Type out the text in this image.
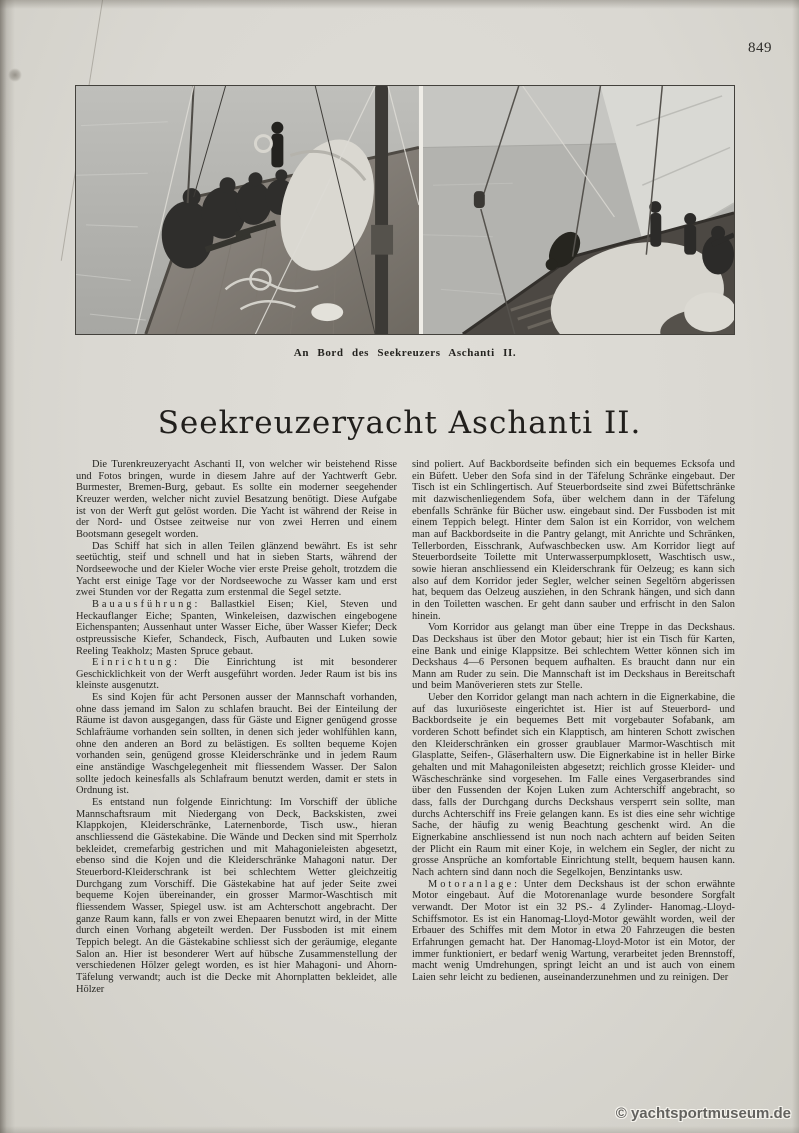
849
An Bord des Seekreuzers Aschanti II.
Seekreuzeryacht Aschanti II.

Die Turenkreuzeryacht Aschanti II, von welcher wir beistehend Risse und Fotos bringen, wurde in diesem Jahre auf der Yachtwerft Gebr. Burmester, Bremen-Burg, gebaut. Es sollte ein moderner seegehender Kreuzer werden, welcher nicht zuviel Besatzung benötigt. Diese Aufgabe ist von der Werft gut gelöst worden. Die Yacht ist während der Reise in der Nord- und Ostsee zeitweise nur von zwei Herren und einem Bootsmann gesegelt worden.

Das Schiff hat sich in allen Teilen glänzend bewährt. Es ist sehr seetüchtig, steif und schnell und hat in sieben Starts, während der Nordseewoche und der Kieler Woche vier erste Preise geholt, trotzdem die Yacht erst einige Tage vor der Nordseewoche zu Wasser kam und erst zwei Stunden vor der Regatta zum erstenmal die Segel setzte.

Bauausführung: Ballastkiel Eisen; Kiel, Steven und Heckauflanger Eiche; Spanten, Winkeleisen, dazwischen eingebogene Eichenspanten; Aussenhaut unter Wasser Eiche, über Wasser Kiefer; Deck ostpreussische Kiefer, Schandeck, Fisch, Aufbauten und Luken sowie Reeling Teakholz; Masten Spruce gebaut.

Einrichtung: Die Einrichtung ist mit besonderer Geschicklichkeit von der Werft ausgeführt worden. Jeder Raum ist bis ins kleinste ausgenutzt.

Es sind Kojen für acht Personen ausser der Mannschaft vorhanden, ohne dass jemand im Salon zu schlafen braucht. Bei der Einteilung der Räume ist davon ausgegangen, dass für Gäste und Eigner genügend grosse Schlafräume vorhanden sein sollten, in denen sich jeder wohlfühlen kann, ohne den anderen an Bord zu belästigen. Es sollten bequeme Kojen vorhanden sein, genügend grosse Kleiderschränke und in jedem Raum eine anständige Waschgelegenheit mit fliessendem Wasser. Der Salon sollte jedoch keinesfalls als Schlafraum benutzt werden, damit er stets in Ordnung ist.

Es entstand nun folgende Einrichtung: Im Vorschiff der übliche Mannschaftsraum mit Niedergang von Deck, Backskisten, zwei Klappkojen, Kleiderschränke, Laternenborde, Tisch usw., hieran anschliessend die Gästekabine. Die Wände und Decken sind mit Sperrholz bekleidet, cremefarbig gestrichen und mit Mahagonieleisten abgesetzt, ebenso sind die Kojen und die Kleiderschränke Mahagoni natur. Der Steuerbord-Kleiderschrank ist bei schlechtem Wetter gleichzeitig Durchgang zum Vorschiff. Die Gästekabine hat auf jeder Seite zwei bequeme Kojen übereinander, ein grosser Marmor-Waschtisch mit fliessendem Wasser, Spiegel usw. ist am Achterschott angebracht. Der ganze Raum kann, falls er von zwei Ehepaaren benutzt wird, in der Mitte durch einen Vorhang abgeteilt werden. Der Fussboden ist mit einem Teppich belegt. An die Gästekabine schliesst sich der geräumige, elegante Salon an. Hier ist besonderer Wert auf hübsche Zusammenstellung der verschiedenen Hölzer gelegt worden, es ist hier Mahagoni- und Ahorn-Täfelung verwandt; auch ist die Decke mit Ahornplatten bekleidet, alle Hölzer

sind poliert. Auf Backbordseite befinden sich ein bequemes Ecksofa und ein Büfett. Ueber den Sofa sind in der Täfelung Schränke eingebaut. Der Tisch ist ein Schlingertisch. Auf Steuerbordseite sind zwei Büfettschränke mit dazwischenliegendem Sofa, über welchem dann in der Täfelung ebenfalls Schränke für Bücher usw. eingebaut sind. Der Fussboden ist mit einem Teppich belegt. Hinter dem Salon ist ein Korridor, von welchem man auf Backbordseite in die Pantry gelangt, mit Anrichte und Schränken, Tellerborden, Eisschrank, Aufwaschbecken usw. Am Korridor liegt auf Steuerbordseite Toilette mit Unterwasserpumpklosett, Waschtisch usw., sowie hieran anschliessend ein Kleiderschrank für Oelzeug; es kann sich also auf dem Korridor jeder Segler, welcher seinen Segeltörn abgerissen hat, bequem das Oelzeug ausziehen, in den Schrank hängen, und sich dann in den Toiletten waschen. Er geht dann sauber und erfrischt in den Salon hinein.

Vom Korridor aus gelangt man über eine Treppe in das Deckshaus. Das Deckshaus ist über den Motor gebaut; hier ist ein Tisch für Karten, eine Bank und einige Klappsitze. Bei schlechtem Wetter können sich im Deckshaus 4—6 Personen bequem aufhalten. Es braucht dann nur ein Mann am Ruder zu sein. Die Mannschaft ist im Deckshaus in Bereitschaft und beim Manöverieren stets zur Stelle.

Ueber den Korridor gelangt man nach achtern in die Eignerkabine, die auf das luxuriöseste eingerichtet ist. Hier ist auf Steuerbord- und Backbordseite je ein bequemes Bett mit vorgebauter Sofabank, am vorderen Schott befindet sich ein Klapptisch, am hinteren Schott zwischen den Kleiderschränken ein grosser graublauer Marmor-Waschtisch mit Glasplatte, Seifen-, Gläserhaltern usw. Die Eignerkabine ist in heller Birke gehalten und mit Mahagonileisten abgesetzt; reichlich grosse Kleider- und Wäscheschränke sind vorgesehen. Im Falle eines Vergaserbrandes sind über den Fussenden der Kojen Luken zum Achterschiff angebracht, so dass, falls der Durchgang durchs Deckshaus versperrt sein sollte, man durchs Achterschiff ins Freie gelangen kann. Es ist dies eine sehr wichtige Sache, der häufig zu wenig Beachtung geschenkt wird. An die Eignerkabine anschliessend ist nun noch nach achtern auf beiden Seiten der Plicht ein Raum mit einer Koje, in welchem ein Segler, der nicht zu grosse Ansprüche an komfortable Einrichtung stellt, bequem hausen kann. Nach achtern sind dann noch die Segelkojen, Benzintanks usw.

Motoranlage: Unter dem Deckshaus ist der schon erwähnte Motor eingebaut. Auf die Motorenanlage wurde besondere Sorgfalt verwandt. Der Motor ist ein 32 PS.- 4 Zylinder- Hanomag.-Lloyd-Schiffsmotor. Es ist ein Hanomag-Lloyd-Motor gewählt worden, weil der Erbauer des Schiffes mit dem Motor in etwa 20 Fahrzeugen die besten Erfahrungen gemacht hat. Der Hanomag-Lloyd-Motor ist ein Motor, der immer funktioniert, er bedarf wenig Wartung, verarbeitet jeden Brennstoff, macht wenig Umdrehungen, springt leicht an und ist auch von einem Laien sehr leicht zu bedienen, auseinanderzunehmen und zu reinigen. Der

© yachtsportmuseum.de
